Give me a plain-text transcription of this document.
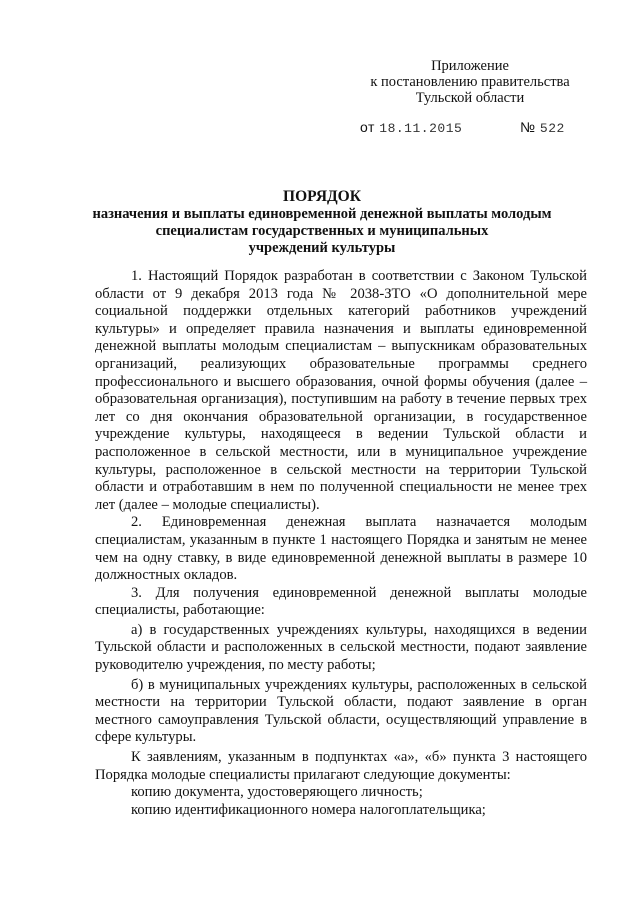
Приложение
к постановлению правительства
Тульской области
от 18.11.2015	№ 522
ПОРЯДОК
назначения и выплаты единовременной денежной выплаты молодым
специалистам государственных и муниципальных
учреждений культуры

1. Настоящий Порядок разработан в соответствии с Законом Тульской области от 9 декабря 2013 года № 2038-ЗТО «О дополнительной мере социальной поддержки отдельных категорий работников учреждений культуры» и определяет правила назначения и выплаты единовременной денежной выплаты молодым специалистам – выпускникам образовательных организаций, реализующих образовательные программы среднего профессионального и высшего образования, очной формы обучения (далее – образовательная организация), поступившим на работу в течение первых трех лет со дня окончания образовательной организации, в государственное учреждение культуры, находящееся в ведении Тульской области и расположенное в сельской местности, или в муниципальное учреждение культуры, расположенное в сельской местности на территории Тульской области и отработавшим в нем по полученной специальности не менее трех лет (далее – молодые специалисты).

2. Единовременная денежная выплата назначается молодым специалистам, указанным в пункте 1 настоящего Порядка и занятым не менее чем на одну ставку, в виде единовременной денежной выплаты в размере 10 должностных окладов.

3. Для получения единовременной денежной выплаты молодые специалисты, работающие:

а) в государственных учреждениях культуры, находящихся в ведении Тульской области и расположенных в сельской местности, подают заявление руководителю учреждения, по месту работы;

б) в муниципальных учреждениях культуры, расположенных в сельской местности на территории Тульской области, подают заявление в орган местного самоуправления Тульской области, осуществляющий управление в сфере культуры.

К заявлениям, указанным в подпунктах «а», «б» пункта 3 настоящего Порядка молодые специалисты прилагают следующие документы:

копию документа, удостоверяющего личность;

копию идентификационного номера налогоплательщика;
